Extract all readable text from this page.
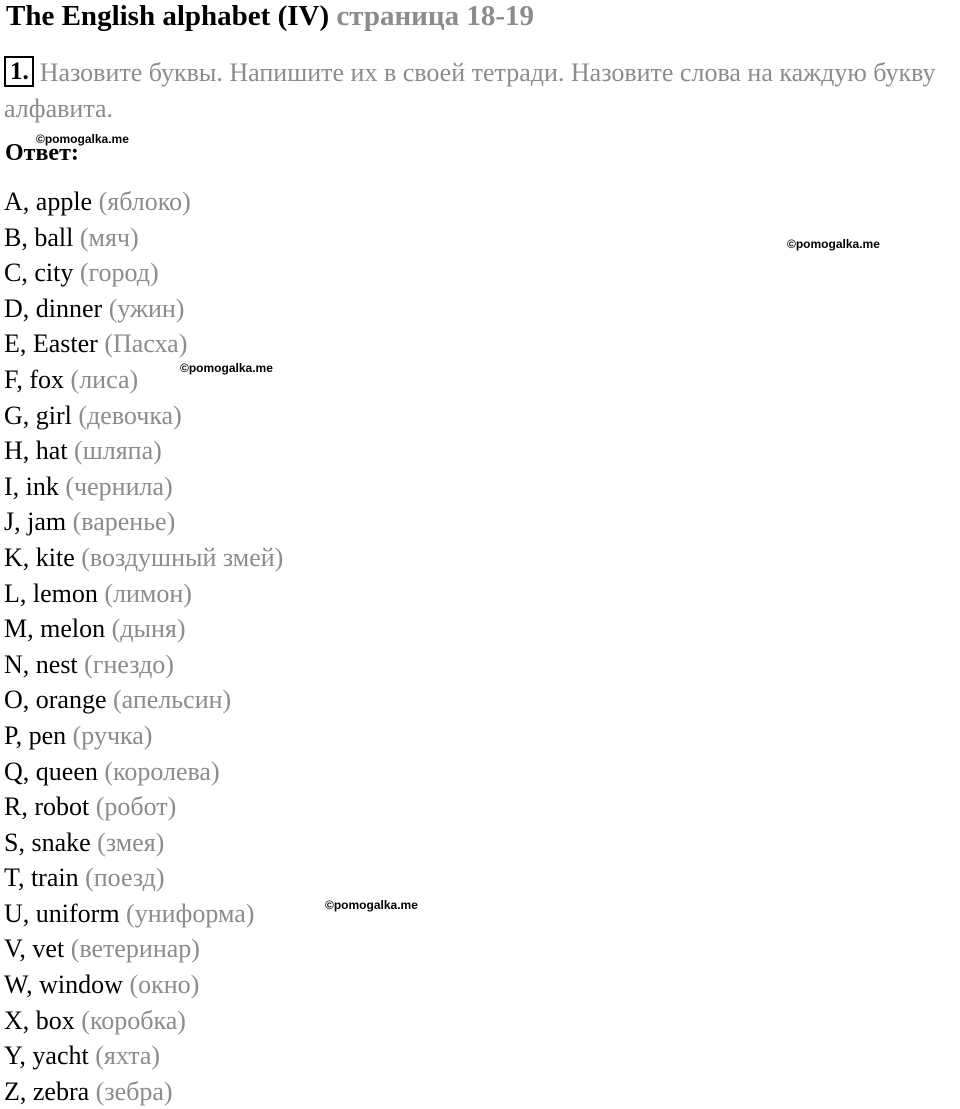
The English alphabet (IV) страница 18-19
1. Назовите буквы. Напишите их в своей тетради. Назовите слова на каждую букву алфавита.
©pomogalka.me
Ответ:
©pomogalka.me
©pomogalka.me
©pomogalka.me
A, apple (яблоко)
B, ball (мяч)
C, city (город)
D, dinner (ужин)
E, Easter (Пасха)
F, fox (лиса)
G, girl (девочка)
H, hat (шляпа)
I, ink (чернила)
J, jam (варенье)
K, kite (воздушный змей)
L, lemon (лимон)
M, melon (дыня)
N, nest (гнездо)
O, orange (апельсин)
P, pen (ручка)
Q, queen (королева)
R, robot (робот)
S, snake (змея)
T, train (поезд)
U, uniform (униформа)
V, vet (ветеринар)
W, window (окно)
X, box (коробка)
Y, yacht (яхта)
Z, zebra (зебра)
